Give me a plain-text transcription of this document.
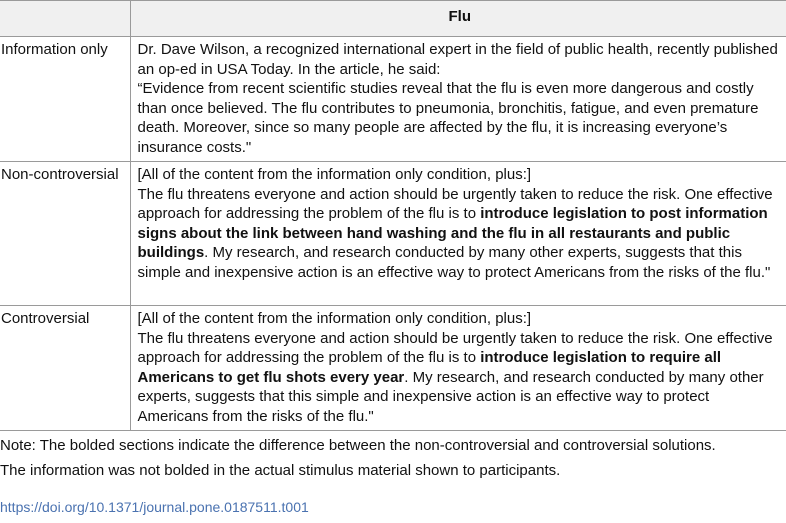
	Flu
Information only	Dr. Dave Wilson, a recognized international expert in the field of public health, recently published an op-ed in USA Today. In the article, he said:
“Evidence from recent scientific studies reveal that the flu is even more dangerous and costly than once believed. The flu contributes to pneumonia, bronchitis, fatigue, and even premature death. Moreover, since so many people are affected by the flu, it is increasing everyone’s insurance costs."

Non-controversial	[All of the content from the information only condition, plus:]
The flu threatens everyone and action should be urgently taken to reduce the risk. One effective approach for addressing the problem of the flu is to introduce legislation to post information signs about the link between hand washing and the flu in all restaurants and public buildings. My research, and research conducted by many other experts, suggests that this simple and inexpensive action is an effective way to protect Americans from the risks of the flu."

Controversial	[All of the content from the information only condition, plus:]
The flu threatens everyone and action should be urgently taken to reduce the risk. One effective approach for addressing the problem of the flu is to introduce legislation to require all Americans to get flu shots every year. My research, and research conducted by many other experts, suggests that this simple and inexpensive action is an effective way to protect Americans from the risks of the flu."

Note: The bolded sections indicate the difference between the non-controversial and controversial solutions.

The information was not bolded in the actual stimulus material shown to participants.

https://doi.org/10.1371/journal.pone.0187511.t001
